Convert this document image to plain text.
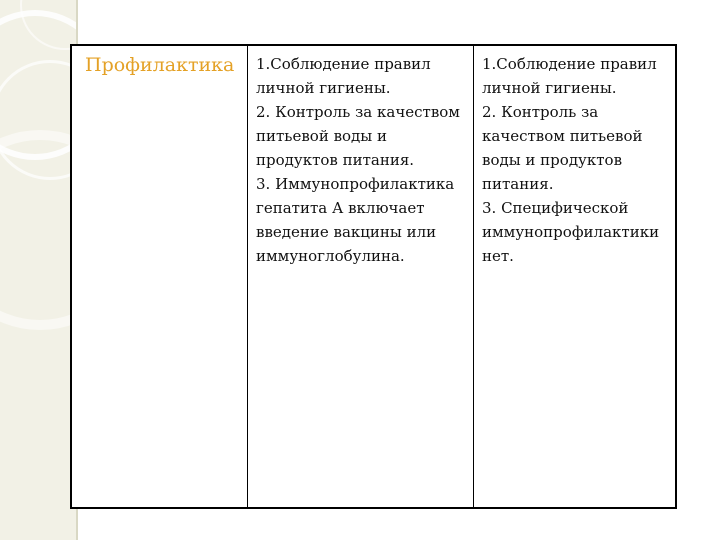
Профилактика	1.Соблюдение правил личной гигиены.

2. Контроль за качеством питьевой воды и продуктов питания.

3. Иммунопрофилактика гепатита А включает введение вакцины или иммуноглобулина.

1.Соблюдение правил личной гигиены.

2. Контроль за качеством питьевой воды и продуктов питания.

3. Специфической иммунопрофилактики нет.
